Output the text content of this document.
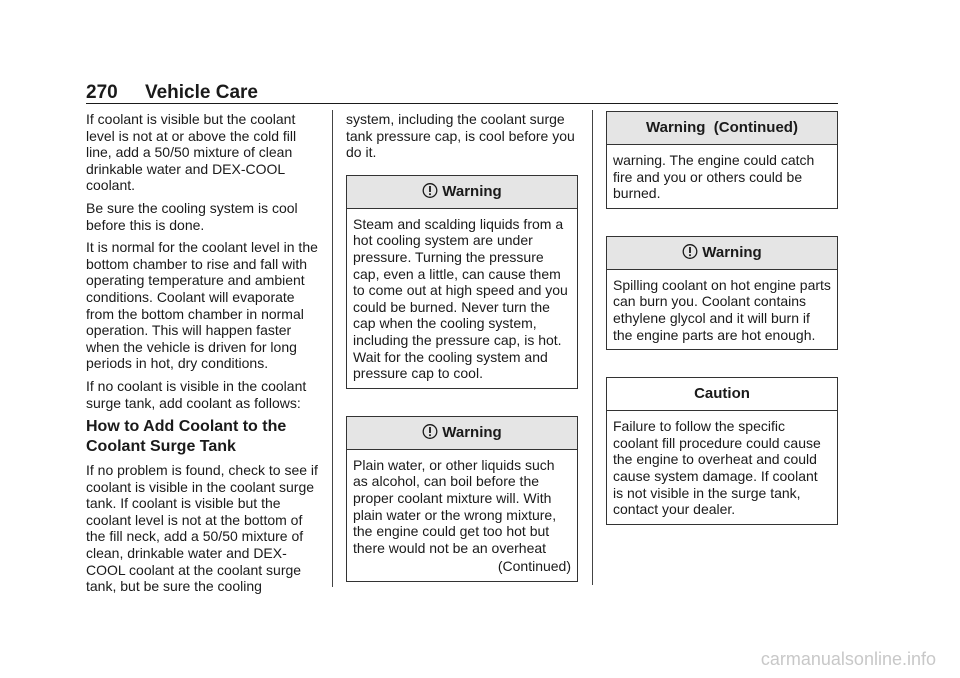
270 Vehicle Care

If coolant is visible but the coolant level is not at or above the cold fill line, add a 50/50 mixture of clean drinkable water and DEX-COOL coolant.

Be sure the cooling system is cool before this is done.

It is normal for the coolant level in the bottom chamber to rise and fall with operating temperature and ambient conditions. Coolant will evaporate from the bottom chamber in normal operation. This will happen faster when the vehicle is driven for long periods in hot, dry conditions.

If no coolant is visible in the coolant surge tank, add coolant as follows:

How to Add Coolant to the Coolant Surge Tank

If no problem is found, check to see if coolant is visible in the coolant surge tank. If coolant is visible but the coolant level is not at the bottom of the fill neck, add a 50/50 mixture of clean, drinkable water and DEX-COOL coolant at the coolant surge tank, but be sure the cooling

system, including the coolant surge tank pressure cap, is cool before you do it.

Warning

Steam and scalding liquids from a hot cooling system are under pressure. Turning the pressure cap, even a little, can cause them to come out at high speed and you could be burned. Never turn the cap when the cooling system, including the pressure cap, is hot. Wait for the cooling system and pressure cap to cool.

Warning

Plain water, or other liquids such as alcohol, can boil before the proper coolant mixture will. With plain water or the wrong mixture, the engine could get too hot but there would not be an overheat

(Continued)
Warning  (Continued)

warning. The engine could catch fire and you or others could be burned.

Warning

Spilling coolant on hot engine parts can burn you. Coolant contains ethylene glycol and it will burn if the engine parts are hot enough.

Caution

Failure to follow the specific coolant fill procedure could cause the engine to overheat and could cause system damage. If coolant is not visible in the surge tank, contact your dealer.

carmanualsonline.info
